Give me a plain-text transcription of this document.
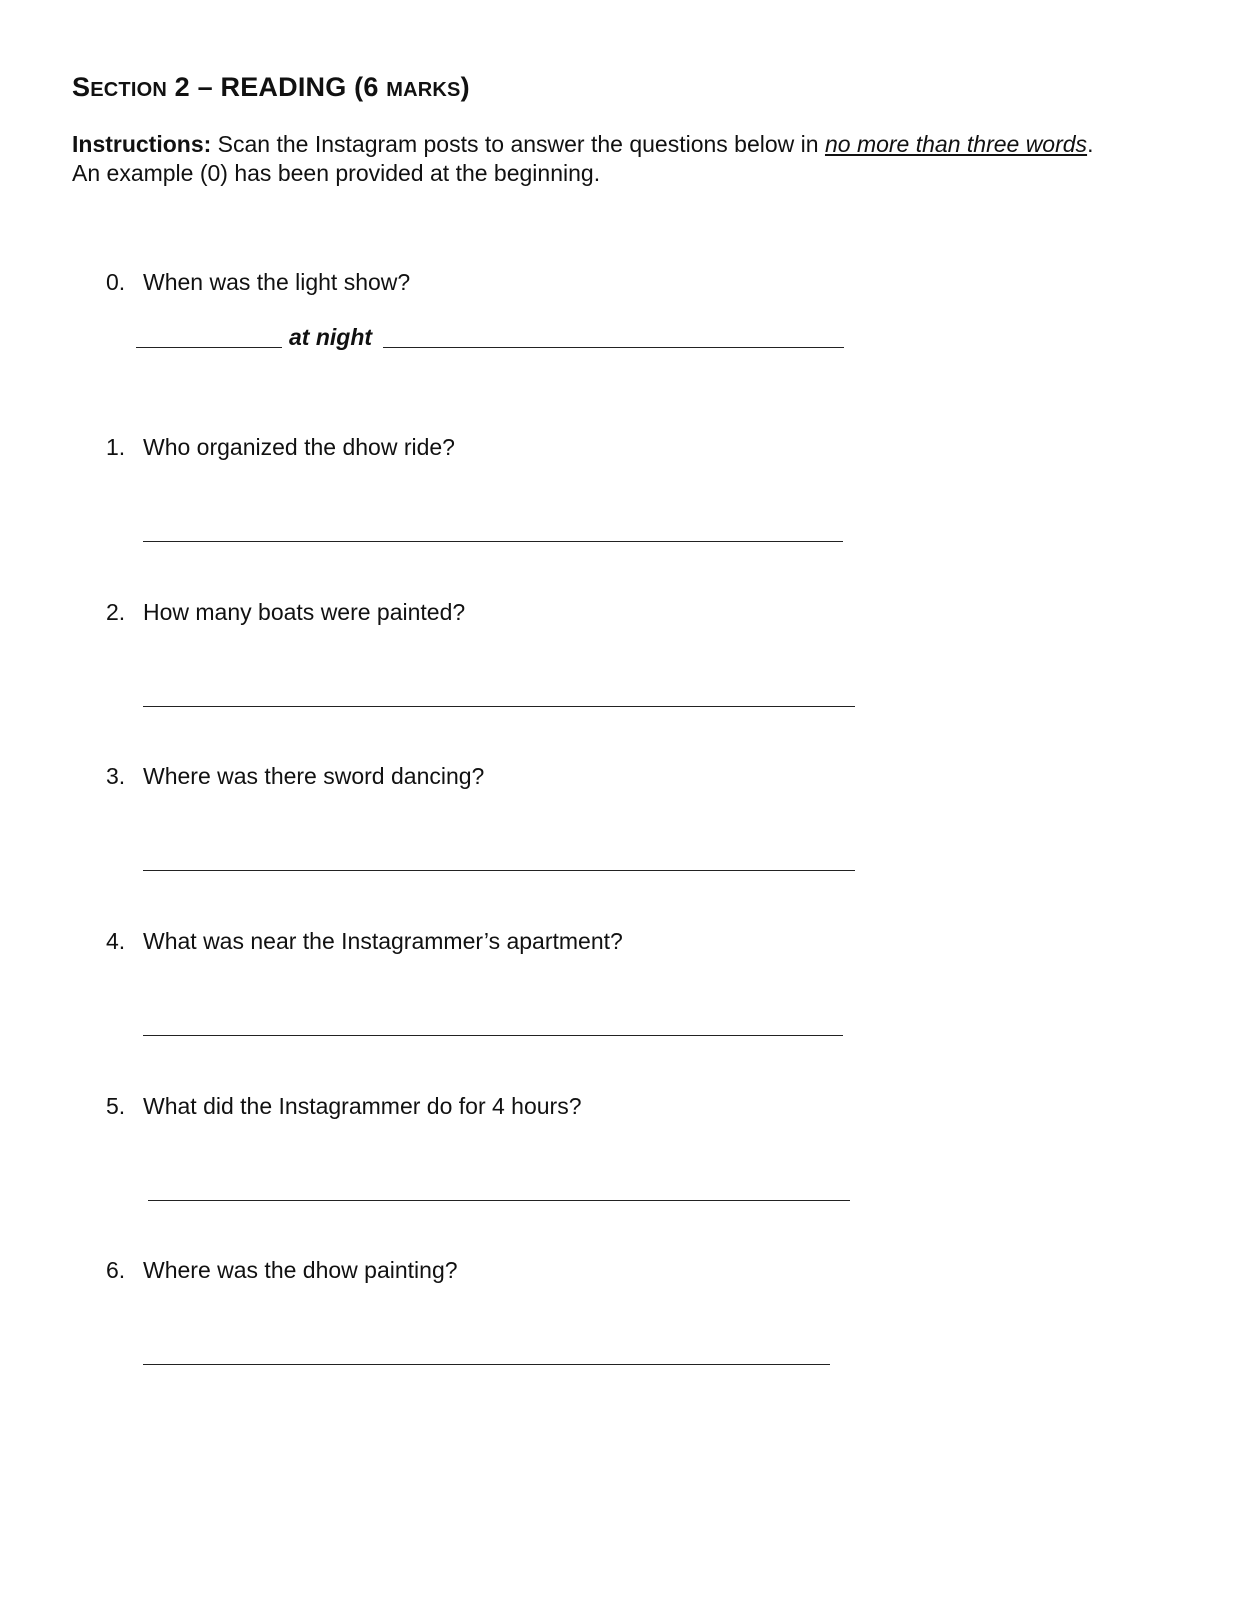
SECTION 2 – READING (6 MARKS)
Instructions: Scan the Instagram posts to answer the questions below in no more than three words.
An example (0) has been provided at the beginning.
0. When was the light show?
at night
1. Who organized the dhow ride?
2. How many boats were painted?
3. Where was there sword dancing?
4. What was near the Instagrammer’s apartment?
5. What did the Instagrammer do for 4 hours?
6. Where was the dhow painting?
